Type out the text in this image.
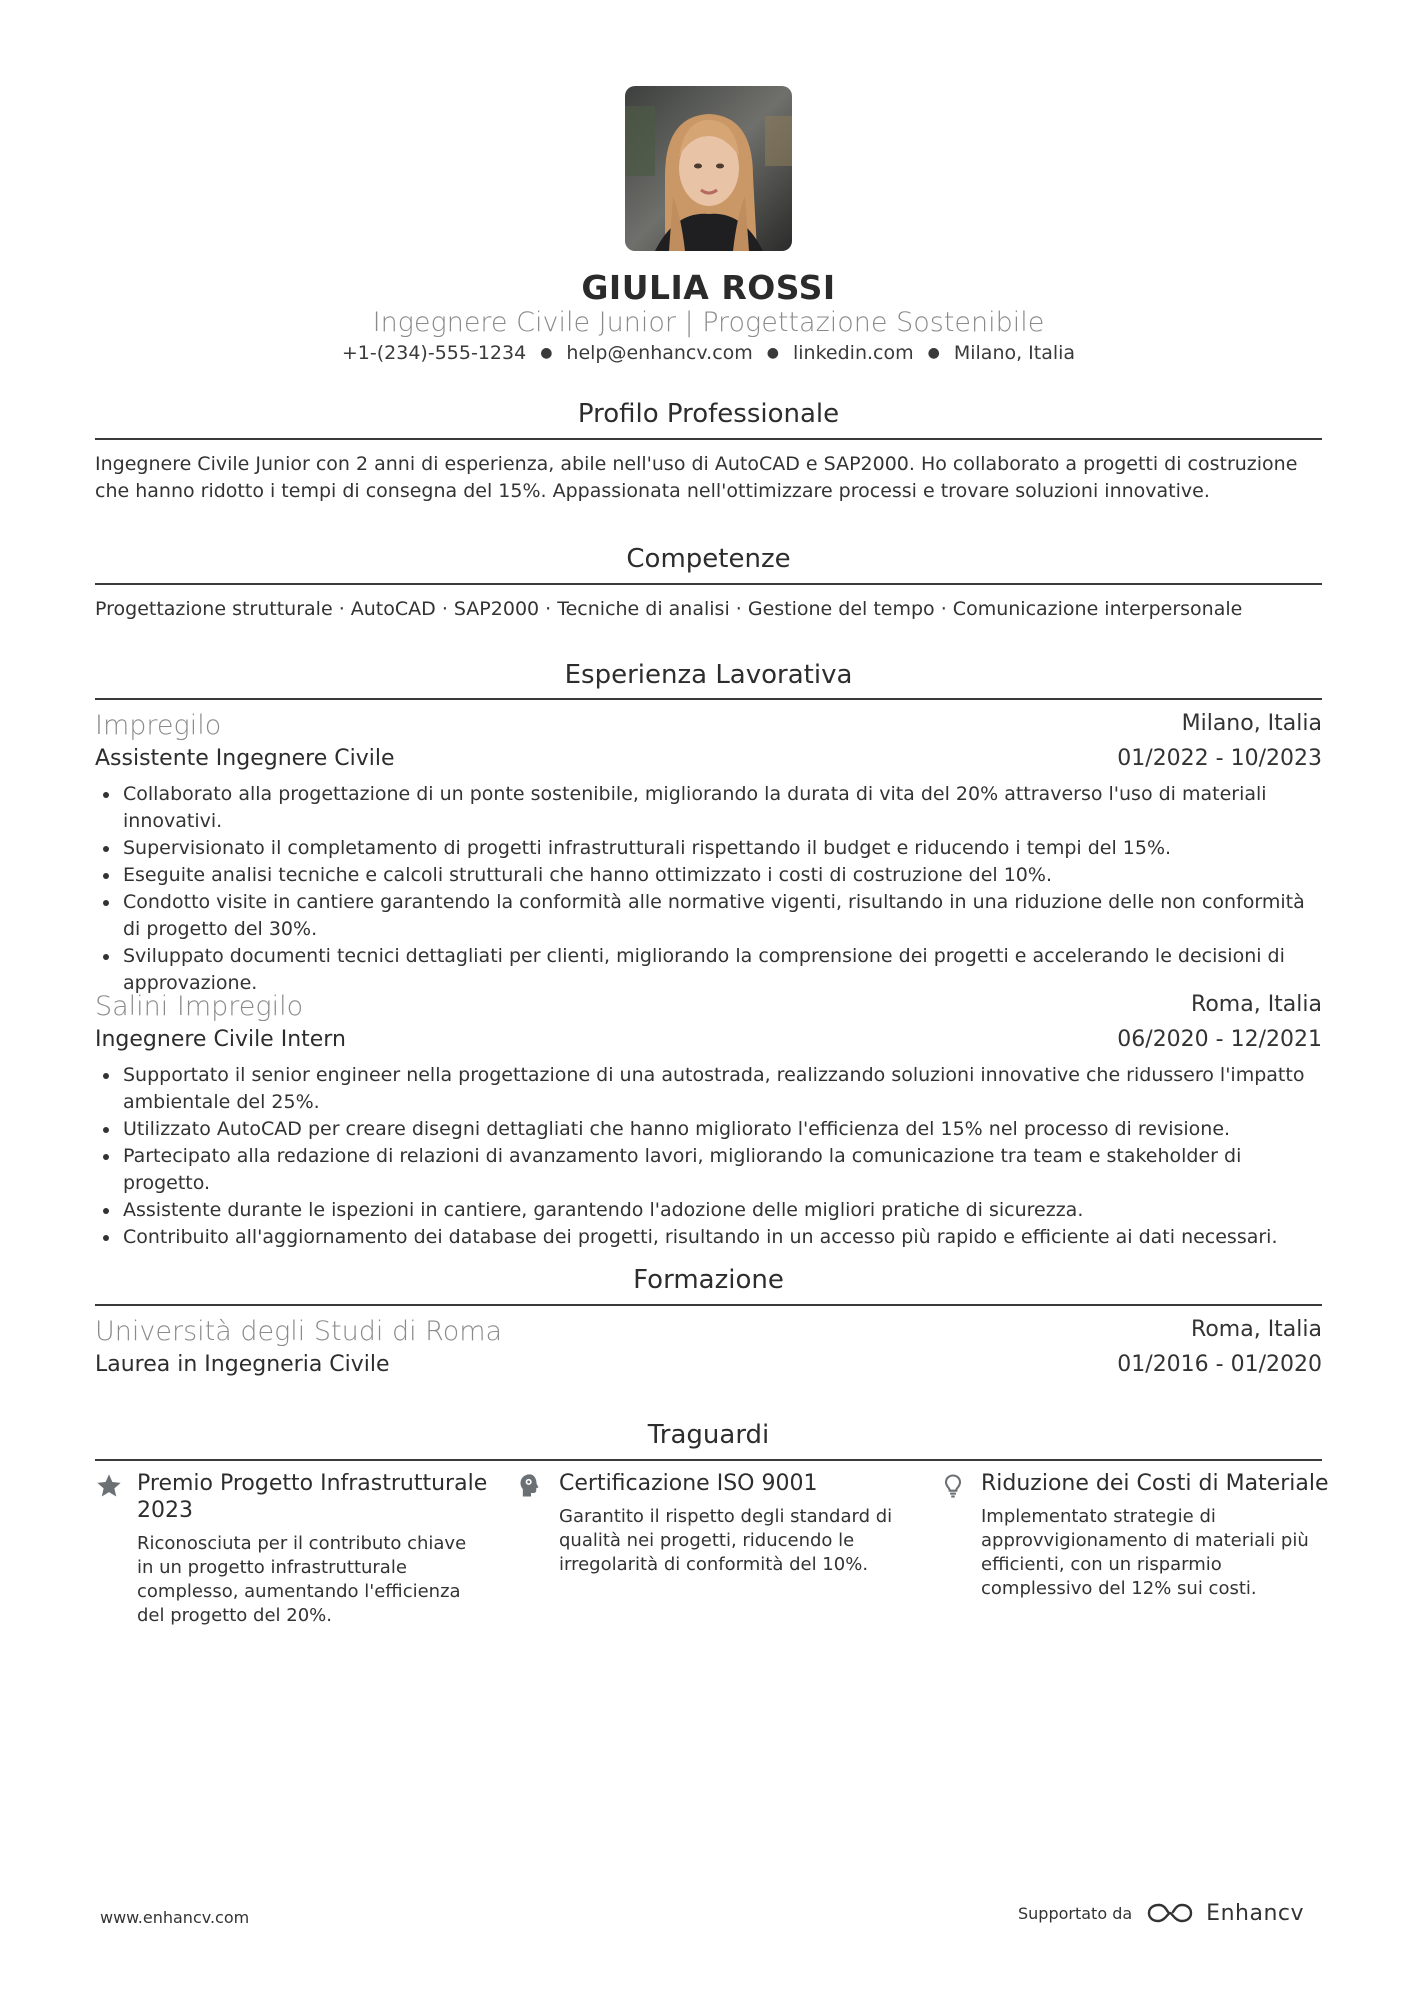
GIULIA ROSSI
Ingegnere Civile Junior | Progettazione Sostenibile
+1-(234)-555-1234 ● help@enhancv.com ● linkedin.com ● Milano, Italia
Profilo Professionale
Ingegnere Civile Junior con 2 anni di esperienza, abile nell'uso di AutoCAD e SAP2000. Ho collaborato a progetti di costruzione che hanno ridotto i tempi di consegna del 15%. Appassionata nell'ottimizzare processi e trovare soluzioni innovative.
Competenze
Progettazione strutturale · AutoCAD · SAP2000 · Tecniche di analisi · Gestione del tempo · Comunicazione interpersonale
Esperienza Lavorativa
Impregilo	Milano, Italia
Assistente Ingegnere Civile	01/2022 - 10/2023
Collaborato alla progettazione di un ponte sostenibile, migliorando la durata di vita del 20% attraverso l'uso di materiali innovativi.
Supervisionato il completamento di progetti infrastrutturali rispettando il budget e riducendo i tempi del 15%.
Eseguite analisi tecniche e calcoli strutturali che hanno ottimizzato i costi di costruzione del 10%.
Condotto visite in cantiere garantendo la conformità alle normative vigenti, risultando in una riduzione delle non conformità di progetto del 30%.
Sviluppato documenti tecnici dettagliati per clienti, migliorando la comprensione dei progetti e accelerando le decisioni di approvazione.
Salini Impregilo	Roma, Italia
Ingegnere Civile Intern	06/2020 - 12/2021
Supportato il senior engineer nella progettazione di una autostrada, realizzando soluzioni innovative che ridussero l'impatto ambientale del 25%.
Utilizzato AutoCAD per creare disegni dettagliati che hanno migliorato l'efficienza del 15% nel processo di revisione.
Partecipato alla redazione di relazioni di avanzamento lavori, migliorando la comunicazione tra team e stakeholder di progetto.
Assistente durante le ispezioni in cantiere, garantendo l'adozione delle migliori pratiche di sicurezza.
Contribuito all'aggiornamento dei database dei progetti, risultando in un accesso più rapido e efficiente ai dati necessari.
Formazione
Università degli Studi di Roma	Roma, Italia
Laurea in Ingegneria Civile	01/2016 - 01/2020
Traguardi
Premio Progetto Infrastrutturale 2023
Riconosciuta per il contributo chiave in un progetto infrastrutturale complesso, aumentando l'efficienza del progetto del 20%.
Certificazione ISO 9001
Garantito il rispetto degli standard di qualità nei progetti, riducendo le irregolarità di conformità del 10%.
Riduzione dei Costi di Materiale
Implementato strategie di approvvigionamento di materiali più efficienti, con un risparmio complessivo del 12% sui costi.
www.enhancv.com	Supportato da	Enhancv
